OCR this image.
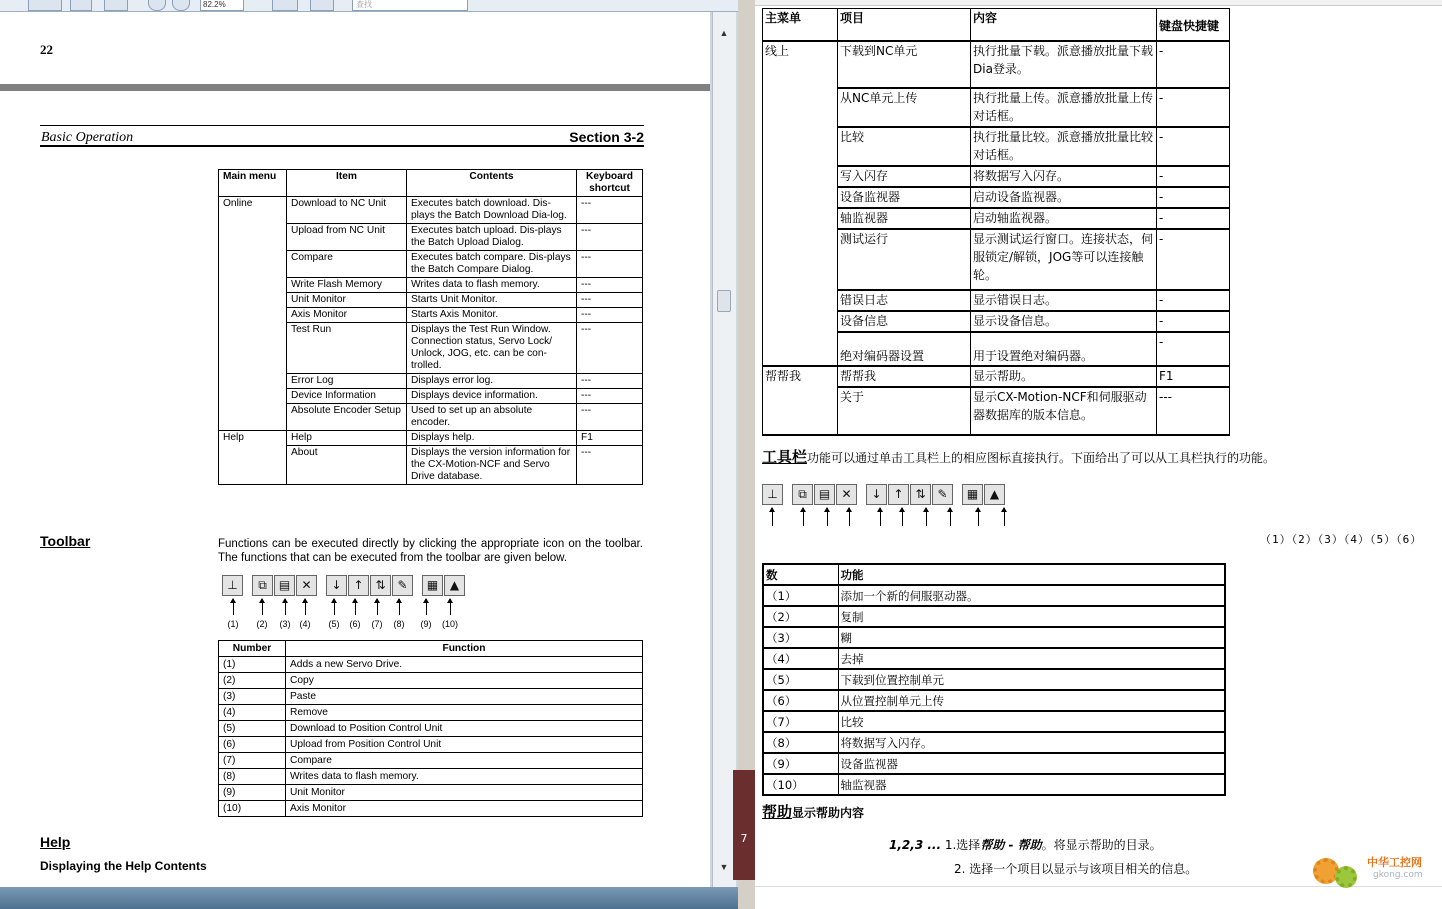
82.2%	查找
22
Basic Operation	Section 3-2
Main menu	Item	Contents	Keyboard shortcut
Online	Download to NC Unit	Executes batch download. Dis-plays the Batch Download Dia-log.	---
	Upload from NC Unit	Executes batch upload. Dis-plays the Batch Upload Dialog.	---
	Compare	Executes batch compare. Dis-plays the Batch Compare Dialog.	---
	Write Flash Memory	Writes data to flash memory.	---
	Unit Monitor	Starts Unit Monitor.	---
	Axis Monitor	Starts Axis Monitor.	---
	Test Run	Displays the Test Run Window. Connection status, Servo Lock/ Unlock, JOG, etc. can be con-trolled.	---
	Error Log	Displays error log.	---
	Device Information	Displays device information.	---
	Absolute Encoder Setup	Used to set up an absolute encoder.	---
Help	Help	Displays help.	F1
	About	Displays the version information for the CX-Motion-NCF and Servo Drive database.	---
Toolbar	Functions can be executed directly by clicking the appropriate icon on the toolbar. The functions that can be executed from the toolbar are given below.
⊥	⧉	▤ ✕	↓ ↑ ⇅ ✎	▦ ▲
(1)	(2)	(3)	(4)	(5)	(6)	(7)	(8)	(9)	(10)
Number	Function
(1)	Adds a new Servo Drive.
(2)	Copy
(3)	Paste
(4)	Remove
(5)	Download to Position Control Unit
(6)	Upload from Position Control Unit
(7)	Compare
(8)	Writes data to flash memory.
(9)	Unit Monitor
(10)	Axis Monitor
Help
Displaying the Help Contents
▲
▼
7
主菜单	项目	内容	键盘快捷键
线上	下载到NC单元	执行批量下载。派意播放批量下载Dia登录。	-
	从NC单元上传	执行批量上传。派意播放批量上传对话框。	-
	比较	执行批量比较。派意播放批量比较对话框。	-
	写入闪存	将数据写入闪存。	-
	设备监视器	启动设备监视器。	-
	轴监视器	启动轴监视器。	-
	测试运行	显示测试运行窗口。连接状态，伺服锁定/解锁，JOG等可以连接触轮。	-
	错误日志	显示错误日志。	-
	设备信息	显示设备信息。	-
	绝对编码器设置	用于设置绝对编码器。	-
帮帮我	帮帮我	显示帮助。	F1
	关于	显示CX-Motion-NCF和伺服驱动器数据库的版本信息。	---
工具栏功能可以通过单击工具栏上的相应图标直接执行。下面给出了可以从工具栏执行的功能。
⊥	⧉	▤ ✕	↓ ↑ ⇅ ✎	▦ ▲
（1）（2）（3）（4）（5）（6）
数	功能
（1）	添加一个新的伺服驱动器。
（2）	复制
（3）	糊
（4）	去掉
（5）	下载到位置控制单元
（6）	从位置控制单元上传
（7）	比较
（8）	将数据写入闪存。
（9）	设备监视器
（10）	轴监视器
帮助显示帮助内容
1,2,3 ... 1.选择帮助 - 帮助。将显示帮助的目录。
2. 选择一个项目以显示与该项目相关的信息。	中华工控网
gkong.com
